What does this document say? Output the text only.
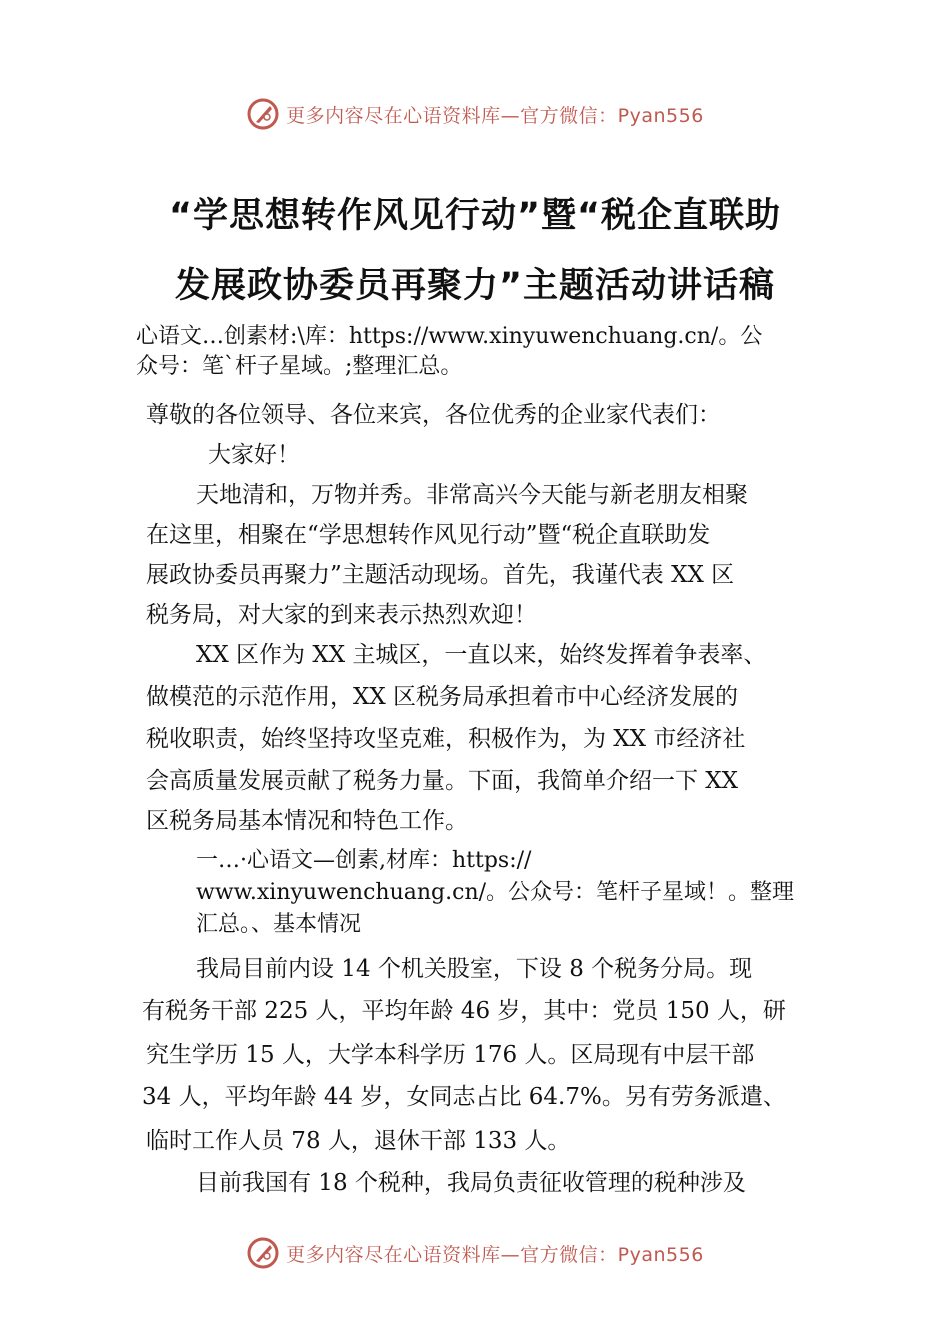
更多内容尽在心语资料库—官方微信：Pyan556
“学思想转作风见行动”暨“税企直联助
发展政协委员再聚力”主题活动讲话稿
心语文…创素材:\库：https://www.xinyuwenchuang.cn/。公
众号：笔`杆子星域。;整理汇总。
尊敬的各位领导、各位来宾，各位优秀的企业家代表们：
大家好！
天地清和，万物并秀。非常高兴今天能与新老朋友相聚
在这里，相聚在“学思想转作风见行动”暨“税企直联助发
展政协委员再聚力”主题活动现场。首先，我谨代表 XX 区
税务局，对大家的到来表示热烈欢迎！
XX 区作为 XX 主城区，一直以来，始终发挥着争表率、
做模范的示范作用，XX 区税务局承担着市中心经济发展的
税收职责，始终坚持攻坚克难，积极作为，为 XX 市经济社
会高质量发展贡献了税务力量。下面，我简单介绍一下 XX
区税务局基本情况和特色工作。
一…·心语文—创素,材库：https://
www.xinyuwenchuang.cn/。公众号：笔杆子星域！。整理
汇总。、基本情况
我局目前内设 14 个机关股室，下设 8 个税务分局。现
有税务干部 225 人，平均年龄 46 岁，其中：党员 150 人，研
究生学历 15 人，大学本科学历 176 人。区局现有中层干部
34 人，平均年龄 44 岁，女同志占比 64.7%。另有劳务派遣、
临时工作人员 78 人，退休干部 133 人。
目前我国有 18 个税种，我局负责征收管理的税种涉及
更多内容尽在心语资料库—官方微信：Pyan556
